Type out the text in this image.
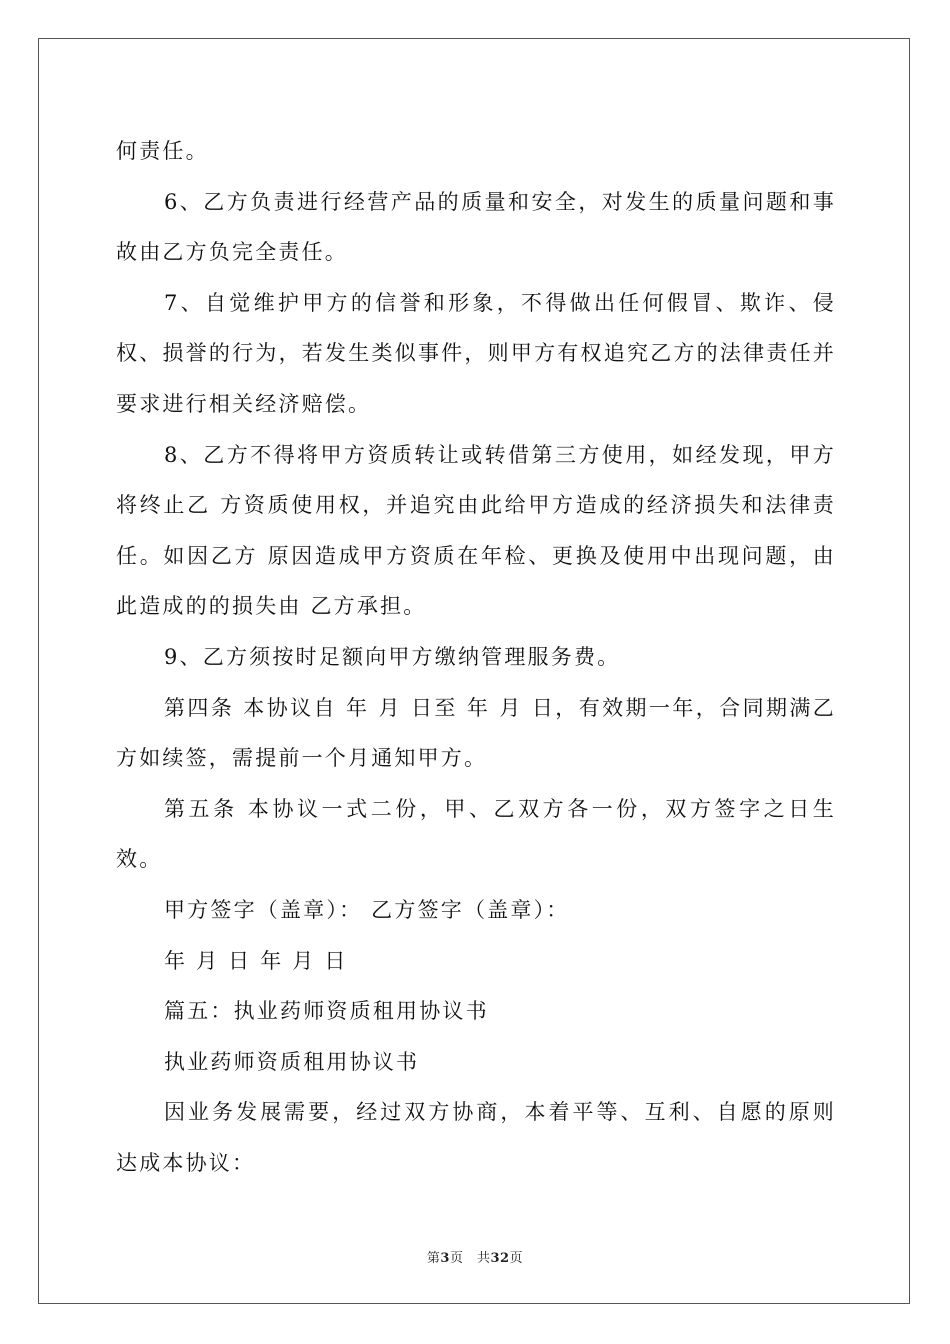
何责任。

6、乙方负责进行经营产品的质量和安全，对发生的质量问题和事故由乙方负完全责任。

7、自觉维护甲方的信誉和形象，不得做出任何假冒、欺诈、侵权、损誉的行为，若发生类似事件，则甲方有权追究乙方的法律责任并要求进行相关经济赔偿。

8、乙方不得将甲方资质转让或转借第三方使用，如经发现，甲方将终止乙 方资质使用权，并追究由此给甲方造成的经济损失和法律责任。如因乙方 原因造成甲方资质在年检、更换及使用中出现问题，由此造成的的损失由 乙方承担。

9、乙方须按时足额向甲方缴纳管理服务费。

第四条 本协议自 年 月 日至 年 月 日，有效期一年，合同期满乙方如续签，需提前一个月通知甲方。

第五条 本协议一式二份，甲、乙双方各一份，双方签字之日生效。

甲方签字（盖章）： 乙方签字（盖章）：

年 月 日 年 月 日

篇五：执业药师资质租用协议书

执业药师资质租用协议书

因业务发展需要，经过双方协商，本着平等、互利、自愿的原则达成本协议：

第3页　共32页
